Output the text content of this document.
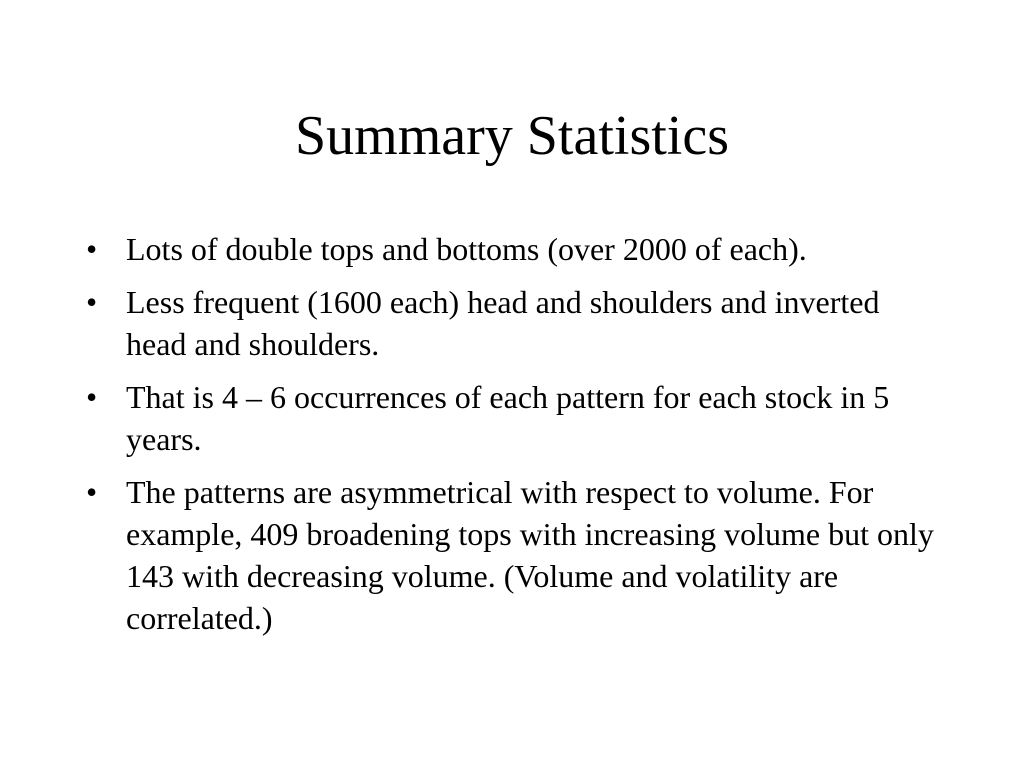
Summary Statistics
• Lots of double tops and bottoms (over 2000 of each).
• Less frequent (1600 each) head and shoulders and inverted head and shoulders.
• That is 4 – 6 occurrences of each pattern for each stock in 5 years.
• The patterns are asymmetrical with respect to volume. For example, 409 broadening tops with increasing volume but only 143 with decreasing volume. (Volume and volatility are correlated.)
